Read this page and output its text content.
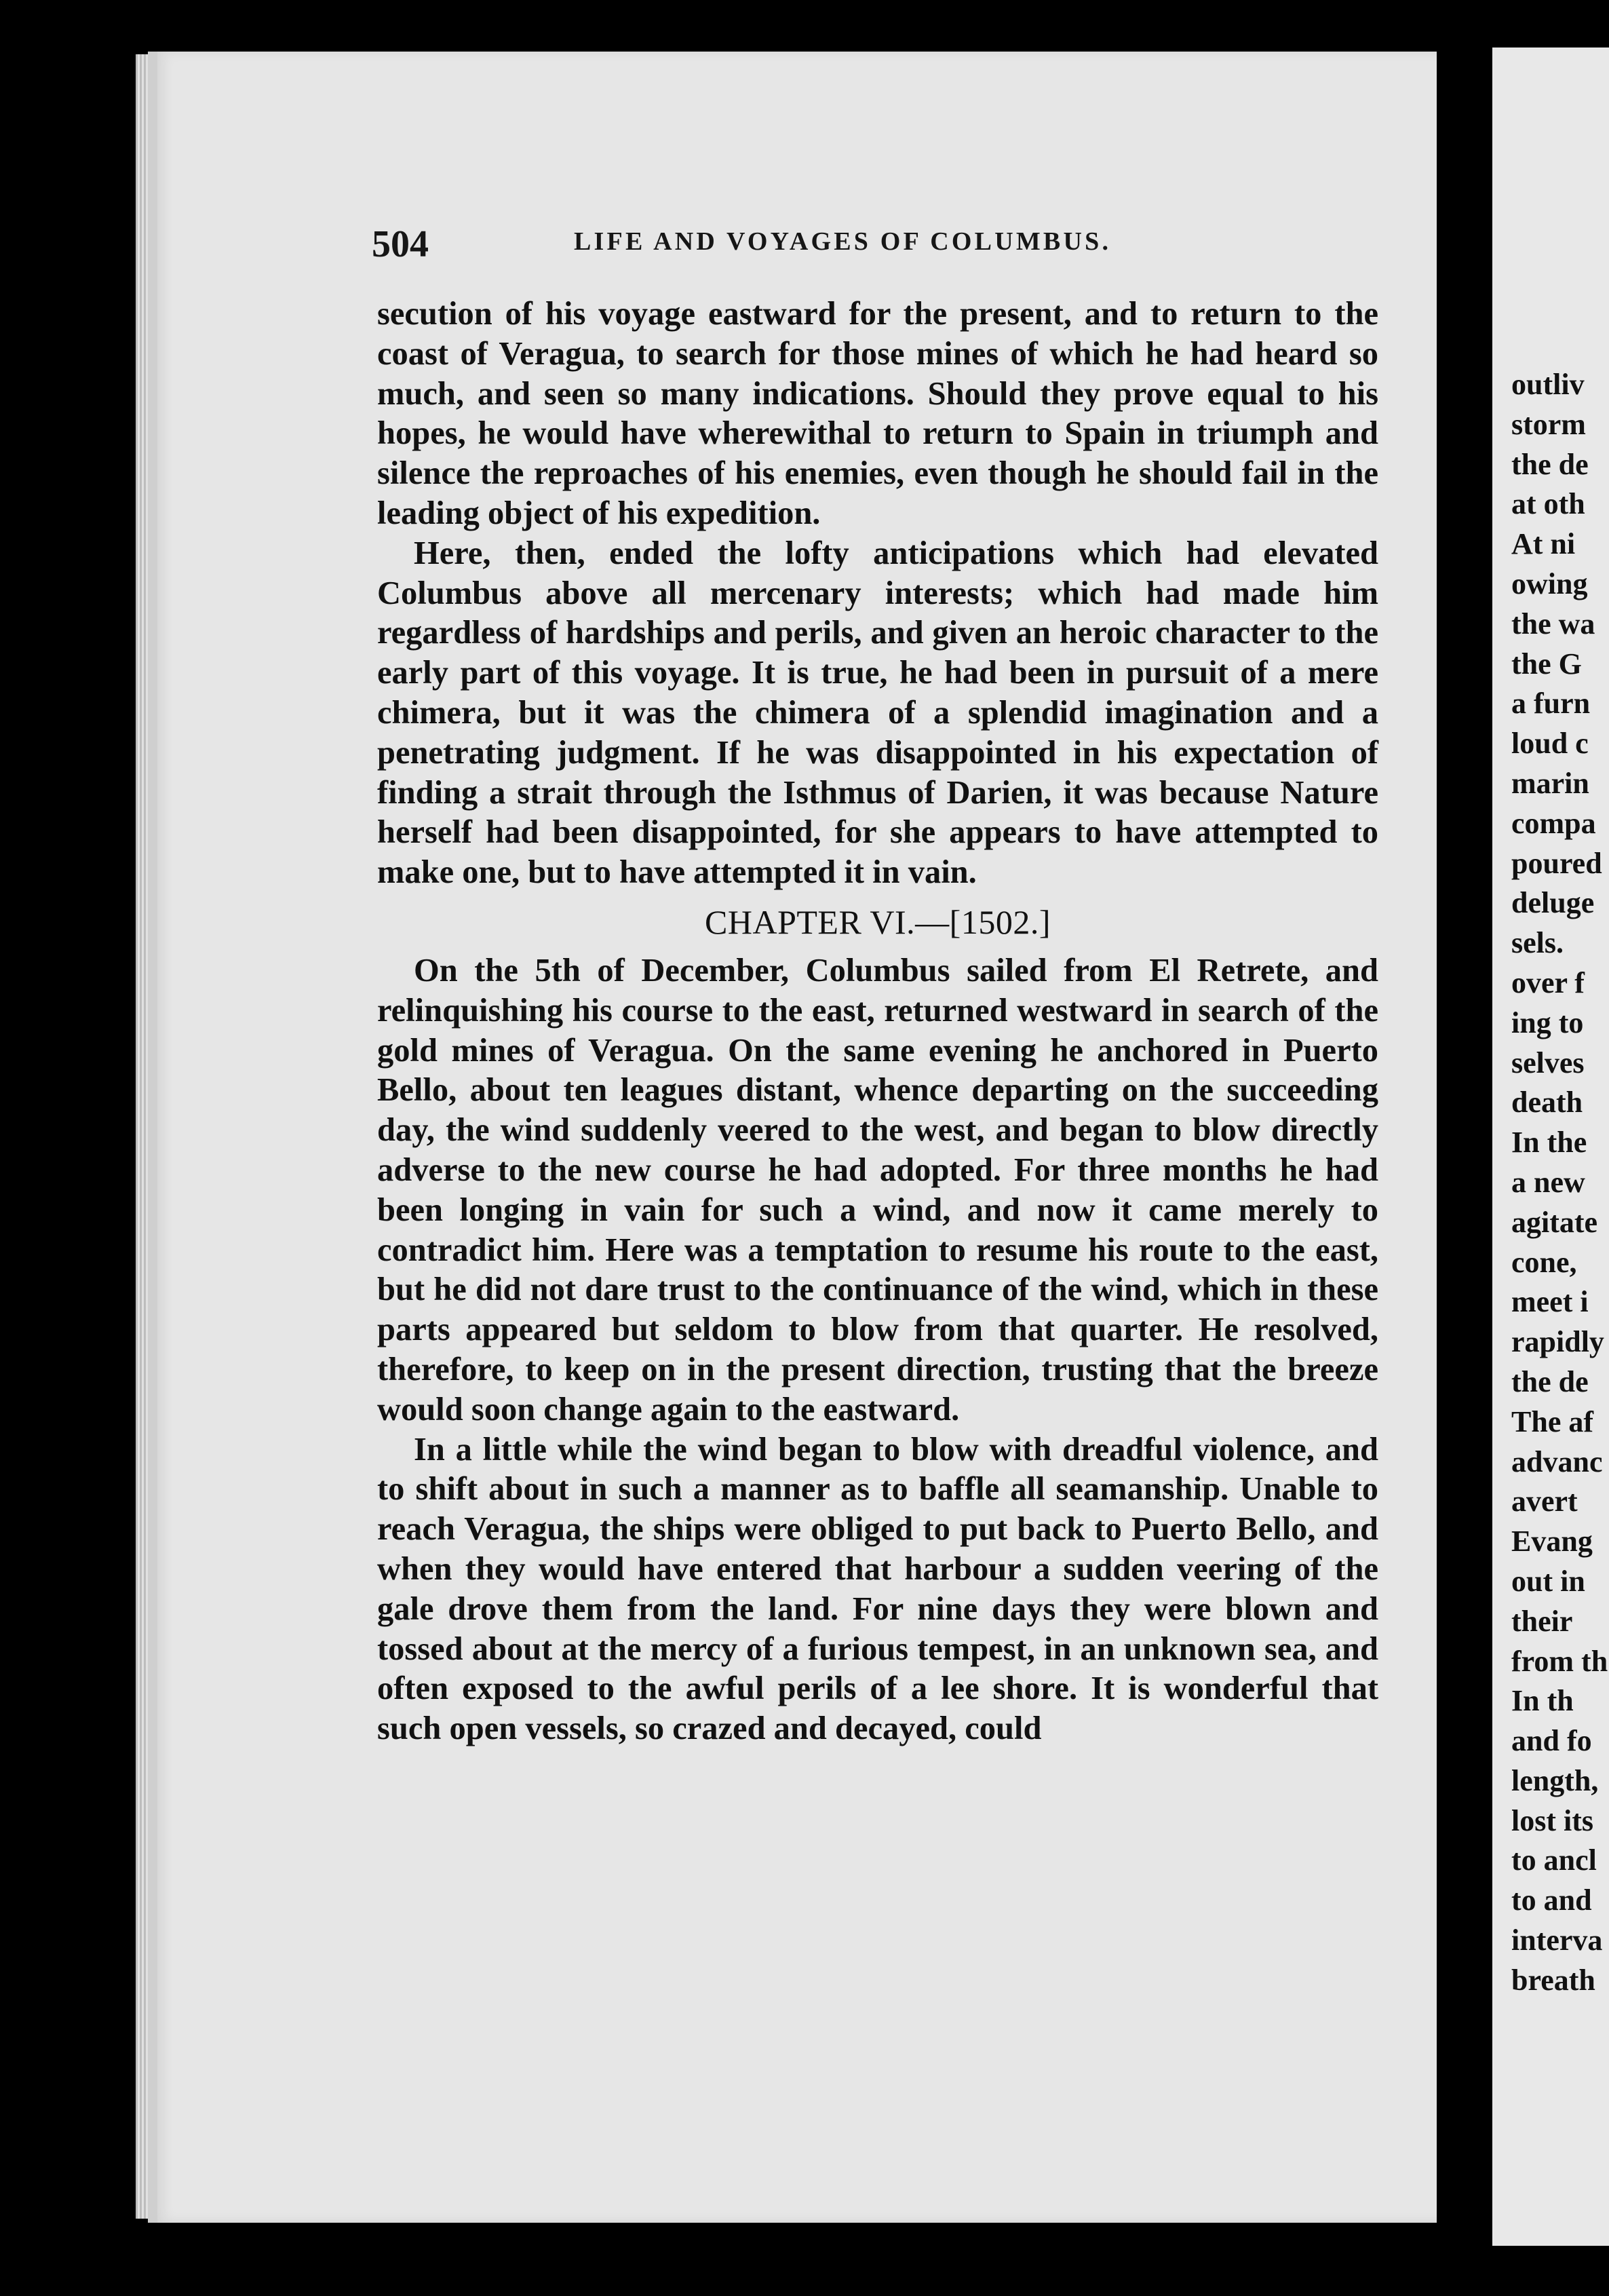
outliv
storm
the de
at oth
At ni
owing
the wa
the G
a furn
loud c
marin
compa
poured
deluge
sels.
over f
ing to
selves
death
In the
a new
agitate
cone,
meet i
rapidly
the de
The af
advanc
avert
Evang
out in
their
from th
In th
and fo
length,
lost its
to ancl
to and
interva
breath
504	LIFE AND VOYAGES OF COLUMBUS.

secution of his voyage eastward for the present, and to return to the coast of Veragua, to search for those mines of which he had heard so much, and seen so many indications. Should they prove equal to his hopes, he would have wherewithal to return to Spain in triumph and silence the reproaches of his enemies, even though he should fail in the leading object of his expedition.

Here, then, ended the lofty anticipations which had elevated Columbus above all mercenary interests; which had made him regardless of hardships and perils, and given an heroic character to the early part of this voyage. It is true, he had been in pursuit of a mere chimera, but it was the chimera of a splendid imagination and a penetrating judgment. If he was disappointed in his expectation of finding a strait through the Isthmus of Darien, it was because Nature herself had been disappointed, for she appears to have attempted to make one, but to have attempted it in vain.

CHAPTER VI.—[1502.]

On the 5th of December, Columbus sailed from El Retrete, and relinquishing his course to the east, returned westward in search of the gold mines of Veragua. On the same evening he anchored in Puerto Bello, about ten leagues distant, whence departing on the succeeding day, the wind suddenly veered to the west, and began to blow directly adverse to the new course he had adopted. For three months he had been longing in vain for such a wind, and now it came merely to contradict him. Here was a temptation to resume his route to the east, but he did not dare trust to the continuance of the wind, which in these parts appeared but seldom to blow from that quarter. He resolved, therefore, to keep on in the present direction, trusting that the breeze would soon change again to the eastward.

In a little while the wind began to blow with dreadful violence, and to shift about in such a manner as to baffle all seamanship. Unable to reach Veragua, the ships were obliged to put back to Puerto Bello, and when they would have entered that harbour a sudden veering of the gale drove them from the land. For nine days they were blown and tossed about at the mercy of a furious tempest, in an unknown sea, and often exposed to the awful perils of a lee shore. It is wonderful that such open vessels, so crazed and decayed, could
